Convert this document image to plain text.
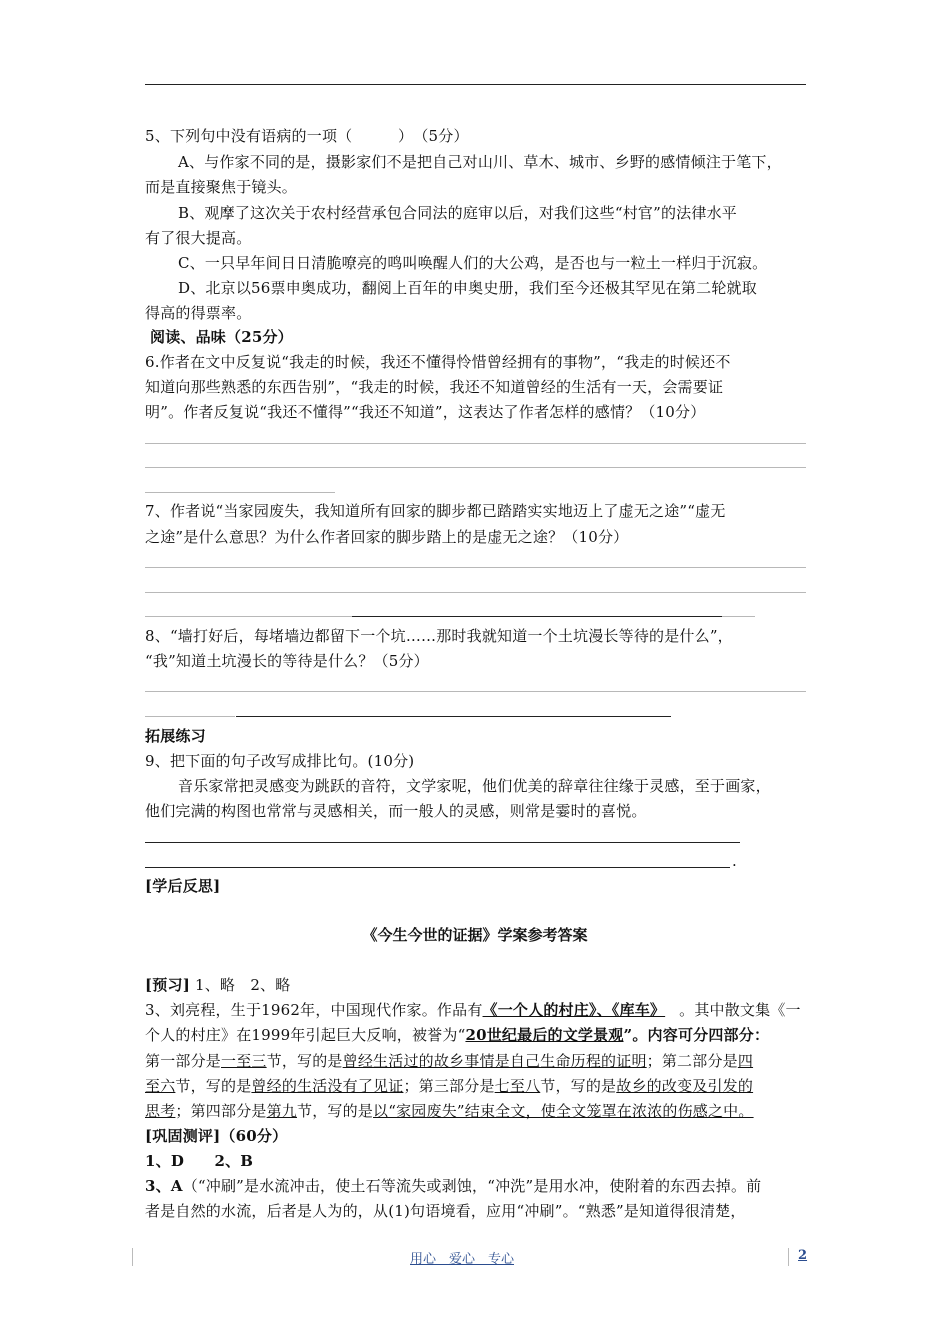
5、下列句中没有语病的一项（　　　）　（5分）
A、与作家不同的是，摄影家们不是把自己对山川、草木、城市、乡野的感情倾注于笔下，
而是直接聚焦于镜头。
B、观摩了这次关于农村经营承包合同法的庭审以后，对我们这些“村官”的法律水平
有了很大提高。
C、一只早年间日日清脆嘹亮的鸣叫唤醒人们的大公鸡，是否也与一粒土一样归于沉寂。
D、北京以56票申奥成功，翻阅上百年的申奥史册，我们至今还极其罕见在第二轮就取
得高的得票率。
阅读、品味（25分）
6.作者在文中反复说“我走的时候，我还不懂得怜惜曾经拥有的事物”，“我走的时候还不
知道向那些熟悉的东西告别”，“我走的时候，我还不知道曾经的生活有一天，会需要证
明”。作者反复说“我还不懂得”“我还不知道”，这表达了作者怎样的感情？（10分）
7、作者说“当家园废失，我知道所有回家的脚步都已踏踏实实地迈上了虚无之途”“虚无
之途”是什么意思？为什么作者回家的脚步踏上的是虚无之途？（10分）
8、“墙打好后，每堵墙边都留下一个坑……那时我就知道一个土坑漫长等待的是什么”，
“我”知道土坑漫长的等待是什么？（5分）
拓展练习
9、把下面的句子改写成排比句。(10分)
音乐家常把灵感变为跳跃的音符，文学家呢，他们优美的辞章往往缘于灵感，至于画家，
他们完满的构图也常常与灵感相关，而一般人的灵感，则常是霎时的喜悦。
.
[学后反思]
《今生今世的证据》学案参考答案
[预习] 1、略　2、略
3、刘亮程，生于1962年，中国现代作家。作品有《一个人的村庄》、《库车》 。其中散文集《一
个人的村庄》在1999年引起巨大反响，被誉为“20世纪最后的文学景观”。内容可分四部分：
第一部分是一至三节，写的是曾经生活过的故乡事情是自己生命历程的证明；第二部分是四
至六节，写的是曾经的生活没有了见证；第三部分是七至八节，写的是故乡的改变及引发的
思考；第四部分是第九节，写的是以“家园废失”结束全文，使全文笼罩在浓浓的伤感之中。
[巩固测评]（60分）
1、D　　2、B
3、A（“冲刷”是水流冲击，使土石等流失或剥蚀，“冲洗”是用水冲，使附着的东西去掉。前
者是自然的水流，后者是人为的，从(1)句语境看，应用“冲刷”。“熟悉”是知道得很清楚，
用心　爱心　专心	2
